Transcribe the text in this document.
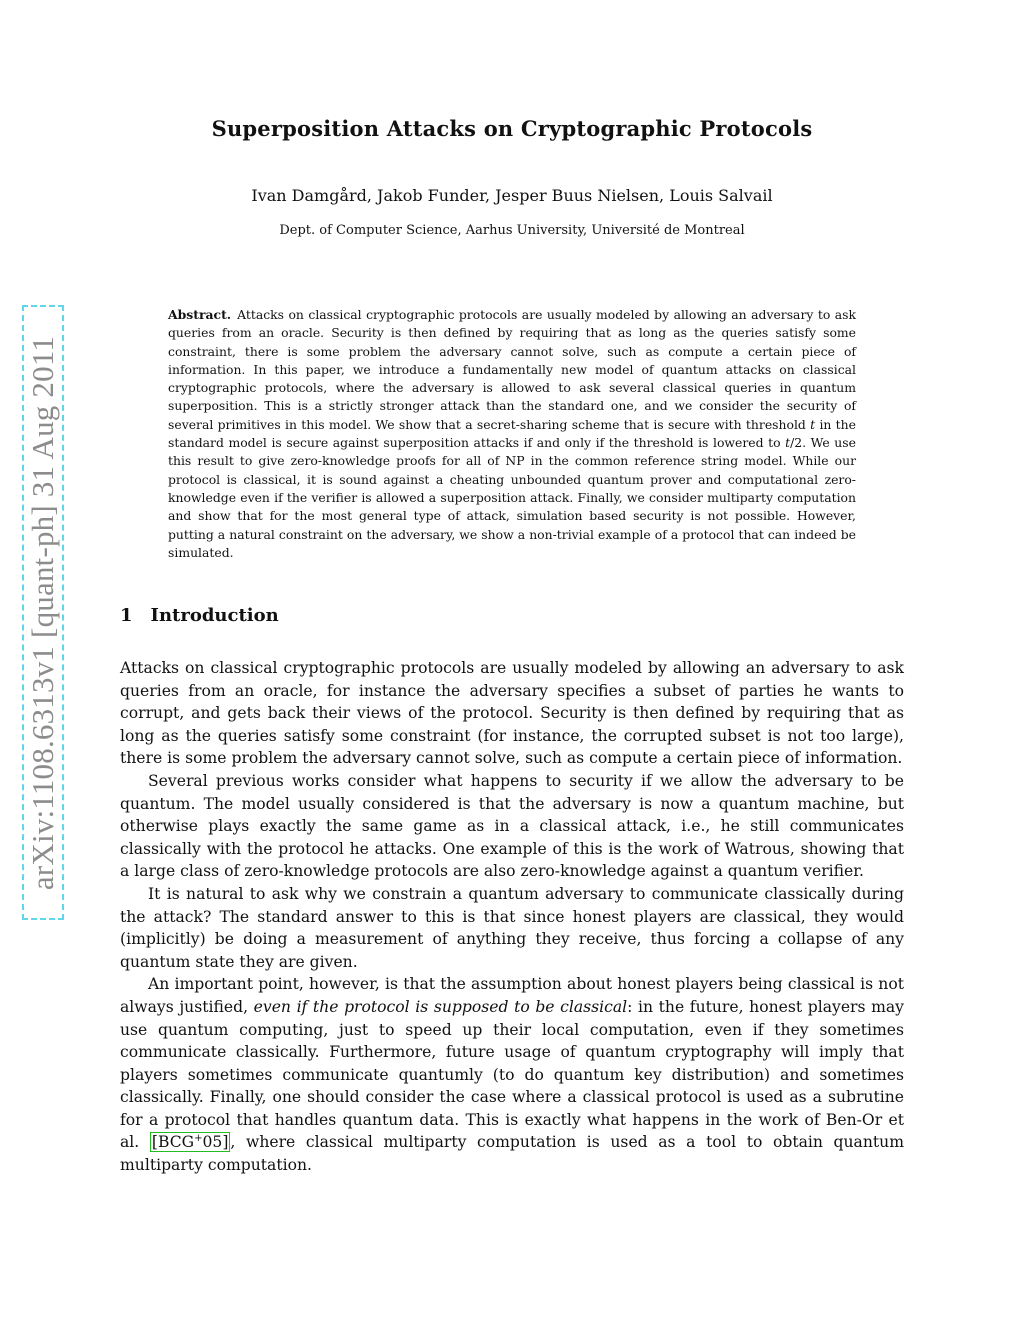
arXiv:1108.6313v1 [quant-ph] 31 Aug 2011
Superposition Attacks on Cryptographic Protocols
Ivan Damgård, Jakob Funder, Jesper Buus Nielsen, Louis Salvail
Dept. of Computer Science, Aarhus University, Université de Montreal

Abstract. Attacks on classical cryptographic protocols are usually modeled by allowing an adversary to ask queries from an oracle. Security is then defined by requiring that as long as the queries satisfy some constraint, there is some problem the adversary cannot solve, such as compute a certain piece of information. In this paper, we introduce a fundamentally new model of quantum attacks on classical cryptographic protocols, where the adversary is allowed to ask several classical queries in quantum superposition. This is a strictly stronger attack than the standard one, and we consider the security of several primitives in this model. We show that a secret-sharing scheme that is secure with threshold t in the standard model is secure against superposition attacks if and only if the threshold is lowered to t/2. We use this result to give zero-knowledge proofs for all of NP in the common reference string model. While our protocol is classical, it is sound against a cheating unbounded quantum prover and computational zero-knowledge even if the verifier is allowed a superposition attack. Finally, we consider multiparty computation and show that for the most general type of attack, simulation based security is not possible. However, putting a natural constraint on the adversary, we show a non-trivial example of a protocol that can indeed be simulated.

1 Introduction

Attacks on classical cryptographic protocols are usually modeled by allowing an adversary to ask queries from an oracle, for instance the adversary specifies a subset of parties he wants to corrupt, and gets back their views of the protocol. Security is then defined by requiring that as long as the queries satisfy some constraint (for instance, the corrupted subset is not too large), there is some problem the adversary cannot solve, such as compute a certain piece of information.

Several previous works consider what happens to security if we allow the adversary to be quantum. The model usually considered is that the adversary is now a quantum machine, but otherwise plays exactly the same game as in a classical attack, i.e., he still communicates classically with the protocol he attacks. One example of this is the work of Watrous, showing that a large class of zero-knowledge protocols are also zero-knowledge against a quantum verifier.

It is natural to ask why we constrain a quantum adversary to communicate classically during the attack? The standard answer to this is that since honest players are classical, they would (implicitly) be doing a measurement of anything they receive, thus forcing a collapse of any quantum state they are given.

An important point, however, is that the assumption about honest players being classical is not always justified, even if the protocol is supposed to be classical: in the future, honest players may use quantum computing, just to speed up their local computation, even if they sometimes communicate classically. Furthermore, future usage of quantum cryptography will imply that players sometimes communicate quantumly (to do quantum key distribution) and sometimes classically. Finally, one should consider the case where a classical protocol is used as a subrutine for a protocol that handles quantum data. This is exactly what happens in the work of Ben-Or et al. [BCG+05] , where classical multiparty computation is used as a tool to obtain quantum multiparty computation.
